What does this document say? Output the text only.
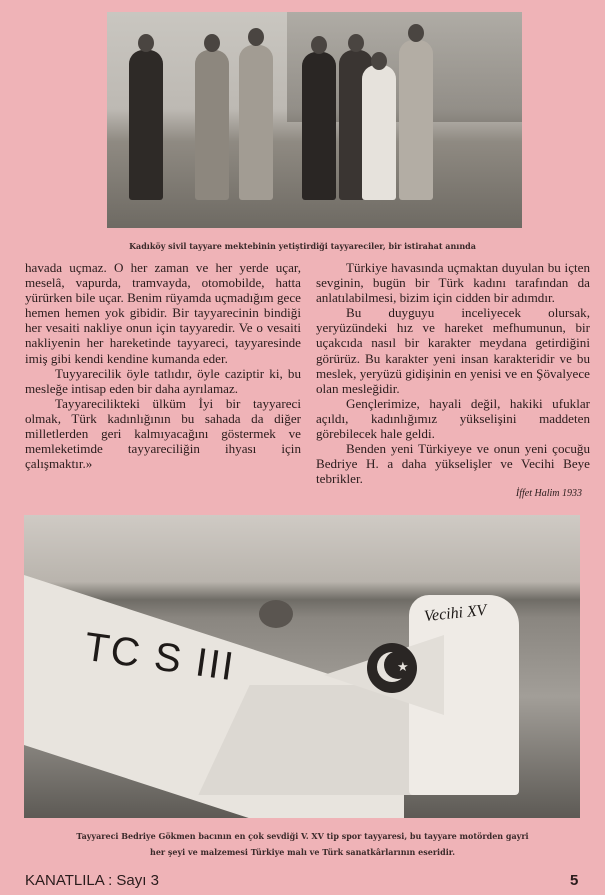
Kadıköy sivil tayyare mektebinin yetiştirdiği tayyareciler, bir istirahat anında

havada uçmaz. O her zaman ve her yerde uçar, meselâ, vapurda, tramvayda, otomobilde, hatta yürürken bile uçar. Benim rüyamda uçmadığım gece hemen hemen yok gibidir. Bir tayyarecinin bindiği her vesaiti nakliye onun için tayyaredir. Ve o vesaiti nakliyenin her hareketinde tayyareci, tayyaresinde imiş gibi kendi kendine kumanda eder.

Tuyyarecilik öyle tatlıdır, öyle caziptir ki, bu mesleğe intisap eden bir daha ayrılamaz.

Tayyarecilikteki ülküm İyi bir tayyareci olmak, Türk kadınlığının bu sahada da diğer milletlerden geri kalmıyacağını göstermek ve memleketimde tayyareciliğin ihyası için çalışmaktır.»

Türkiye havasında uçmaktan duyulan bu içten sevginin, bugün bir Türk kadını tarafından da anlatılabilmesi, bizim için cidden bir adımdır.

Bu duyguyu inceliyecek olursak, yeryüzündeki hız ve hareket mefhumunun, bir uçakcıda nasıl bir karakter meydana getirdiğini görürüz. Bu karakter yeni insan karakteridir ve bu meslek, yeryüzü gidişinin en yenisi ve en Şövalyece olan mesleğidir.

Gençlerimize, hayali değil, hakiki ufuklar açıldı, kadınlığımız yükselişini maddeten görebilecek hale geldi.

Benden yeni Türkiyeye ve onun yeni çocuğu Bedriye H. a daha yükselişler ve Vecihi Beye tebrikler.

İffet Halim 1933
★
TC S III
Vecihi XV
Tayyareci Bedriye Gökmen bacının en çok sevdiği V. XV tip spor tayyaresi, bu tayyare motörden gayri
her şeyi ve malzemesi Türkiye malı ve Türk sanatkârlarının eseridir.
KANATLILA : Sayı 3	5
